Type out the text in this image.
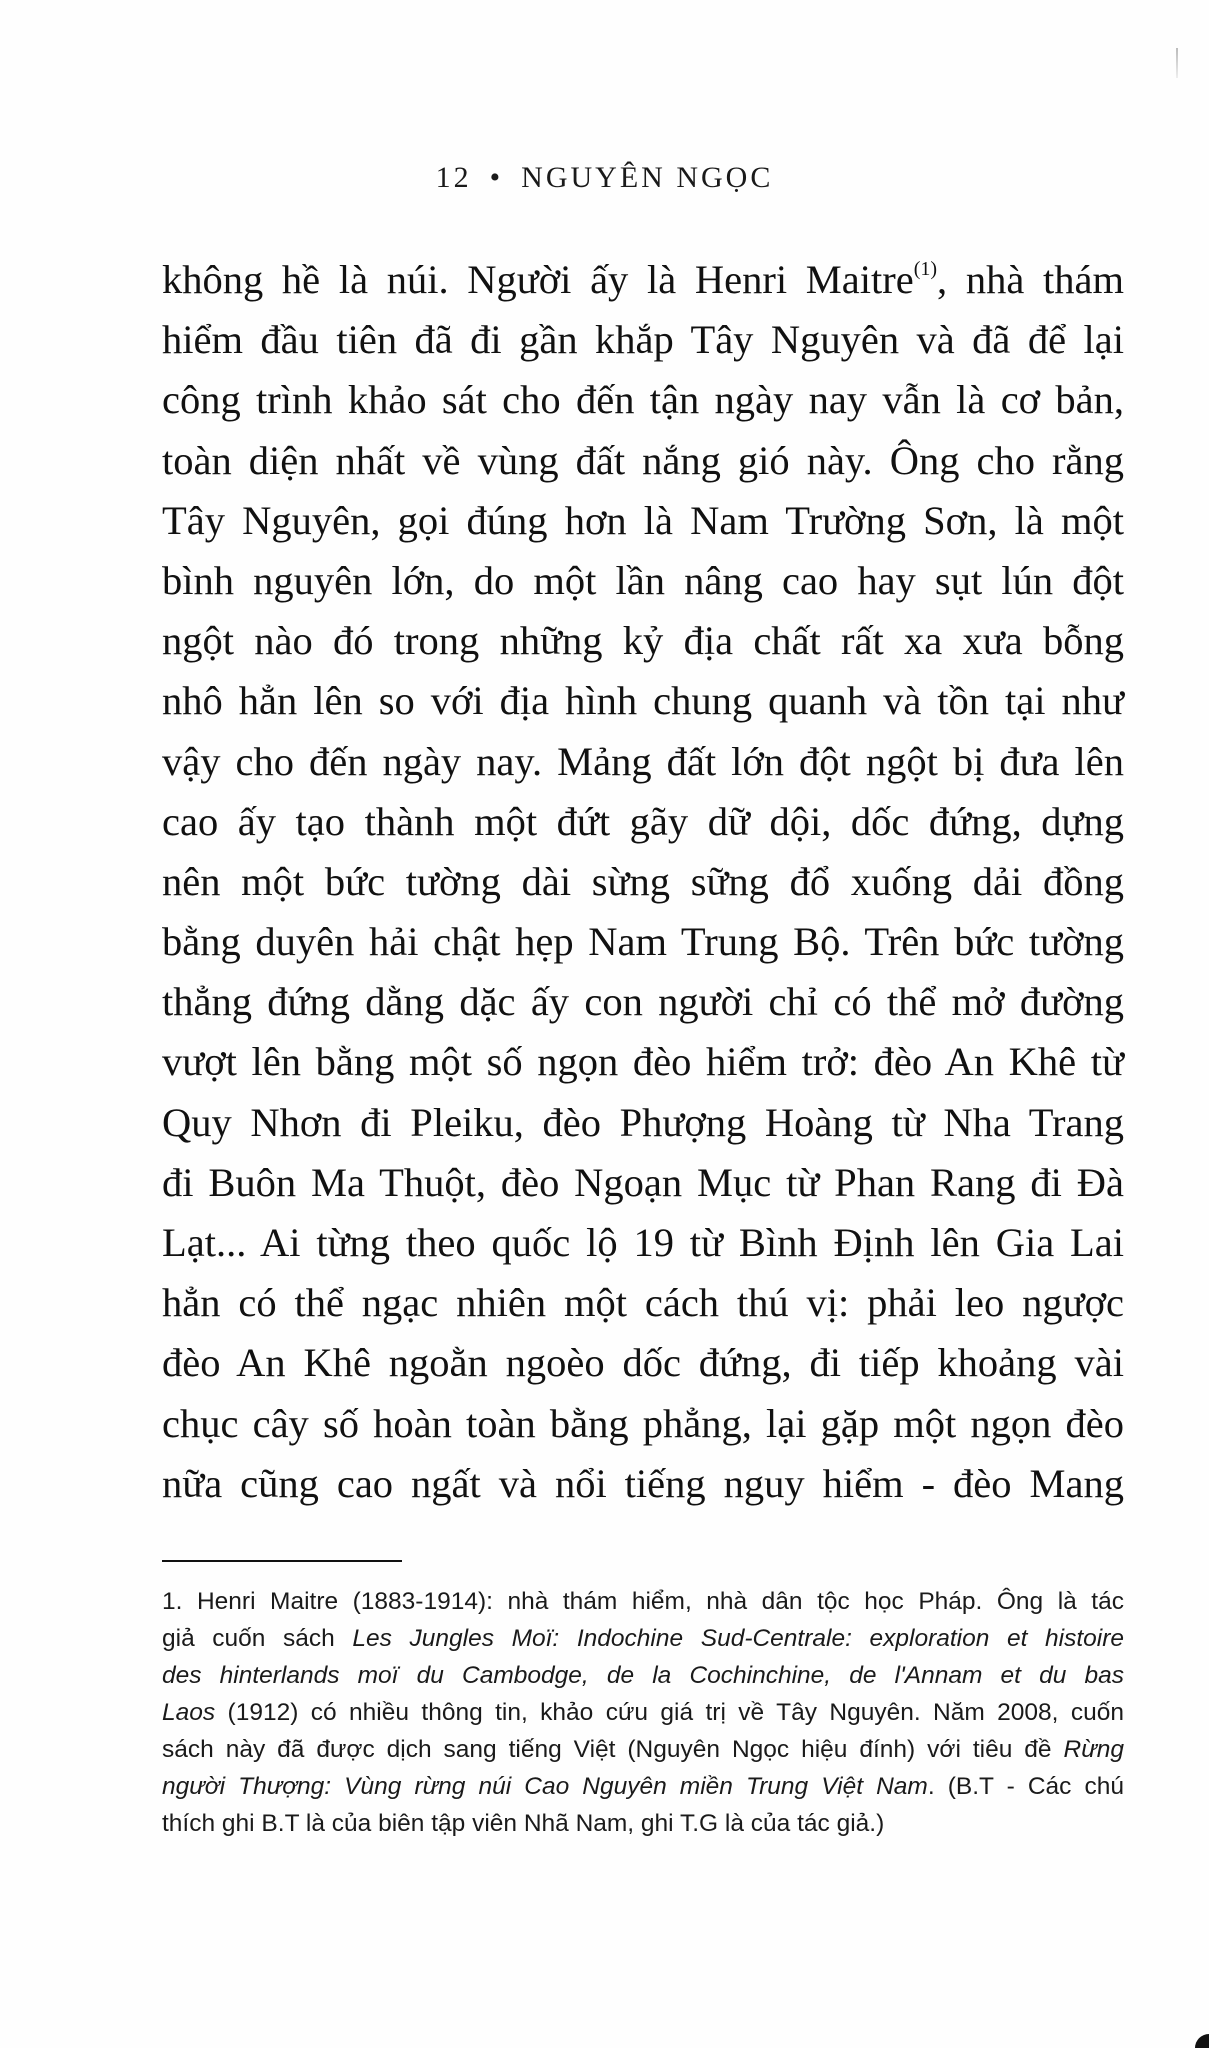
12 • NGUYÊN NGỌC
không hề là núi. Người ấy là Henri Maitre$^{(1)}$, nhà thám
hiểm đầu tiên đã đi gần khắp Tây Nguyên và đã để lại
công trình khảo sát cho đến tận ngày nay vẫn là cơ bản,
toàn diện nhất về vùng đất nắng gió này. Ông cho rằng
Tây Nguyên, gọi đúng hơn là Nam Trường Sơn, là một
bình nguyên lớn, do một lần nâng cao hay sụt lún đột
ngột nào đó trong những kỷ địa chất rất xa xưa bỗng
nhô hẳn lên so với địa hình chung quanh và tồn tại như
vậy cho đến ngày nay. Mảng đất lớn đột ngột bị đưa lên
cao ấy tạo thành một đứt gãy dữ dội, dốc đứng, dựng
nên một bức tường dài sừng sững đổ xuống dải đồng
bằng duyên hải chật hẹp Nam Trung Bộ. Trên bức tường
thẳng đứng dằng dặc ấy con người chỉ có thể mở đường
vượt lên bằng một số ngọn đèo hiểm trở: đèo An Khê từ
Quy Nhơn đi Pleiku, đèo Phượng Hoàng từ Nha Trang
đi Buôn Ma Thuột, đèo Ngoạn Mục từ Phan Rang đi Đà
Lạt... Ai từng theo quốc lộ 19 từ Bình Định lên Gia Lai
hẳn có thể ngạc nhiên một cách thú vị: phải leo ngược
đèo An Khê ngoằn ngoèo dốc đứng, đi tiếp khoảng vài
chục cây số hoàn toàn bằng phẳng, lại gặp một ngọn đèo
nữa cũng cao ngất và nổi tiếng nguy hiểm - đèo Mang
1. Henri Maitre (1883-1914): nhà thám hiểm, nhà dân tộc học Pháp. Ông là tác
giả cuốn sách Les Jungles Moï: Indochine Sud-Centrale: exploration et histoire
des hinterlands moï du Cambodge, de la Cochinchine, de l'Annam et du bas
Laos (1912) có nhiều thông tin, khảo cứu giá trị về Tây Nguyên. Năm 2008, cuốn
sách này đã được dịch sang tiếng Việt (Nguyên Ngọc hiệu đính) với tiêu đề Rừng
người Thượng: Vùng rừng núi Cao Nguyên miền Trung Việt Nam. (B.T - Các chú
thích ghi B.T là của biên tập viên Nhã Nam, ghi T.G là của tác giả.)
